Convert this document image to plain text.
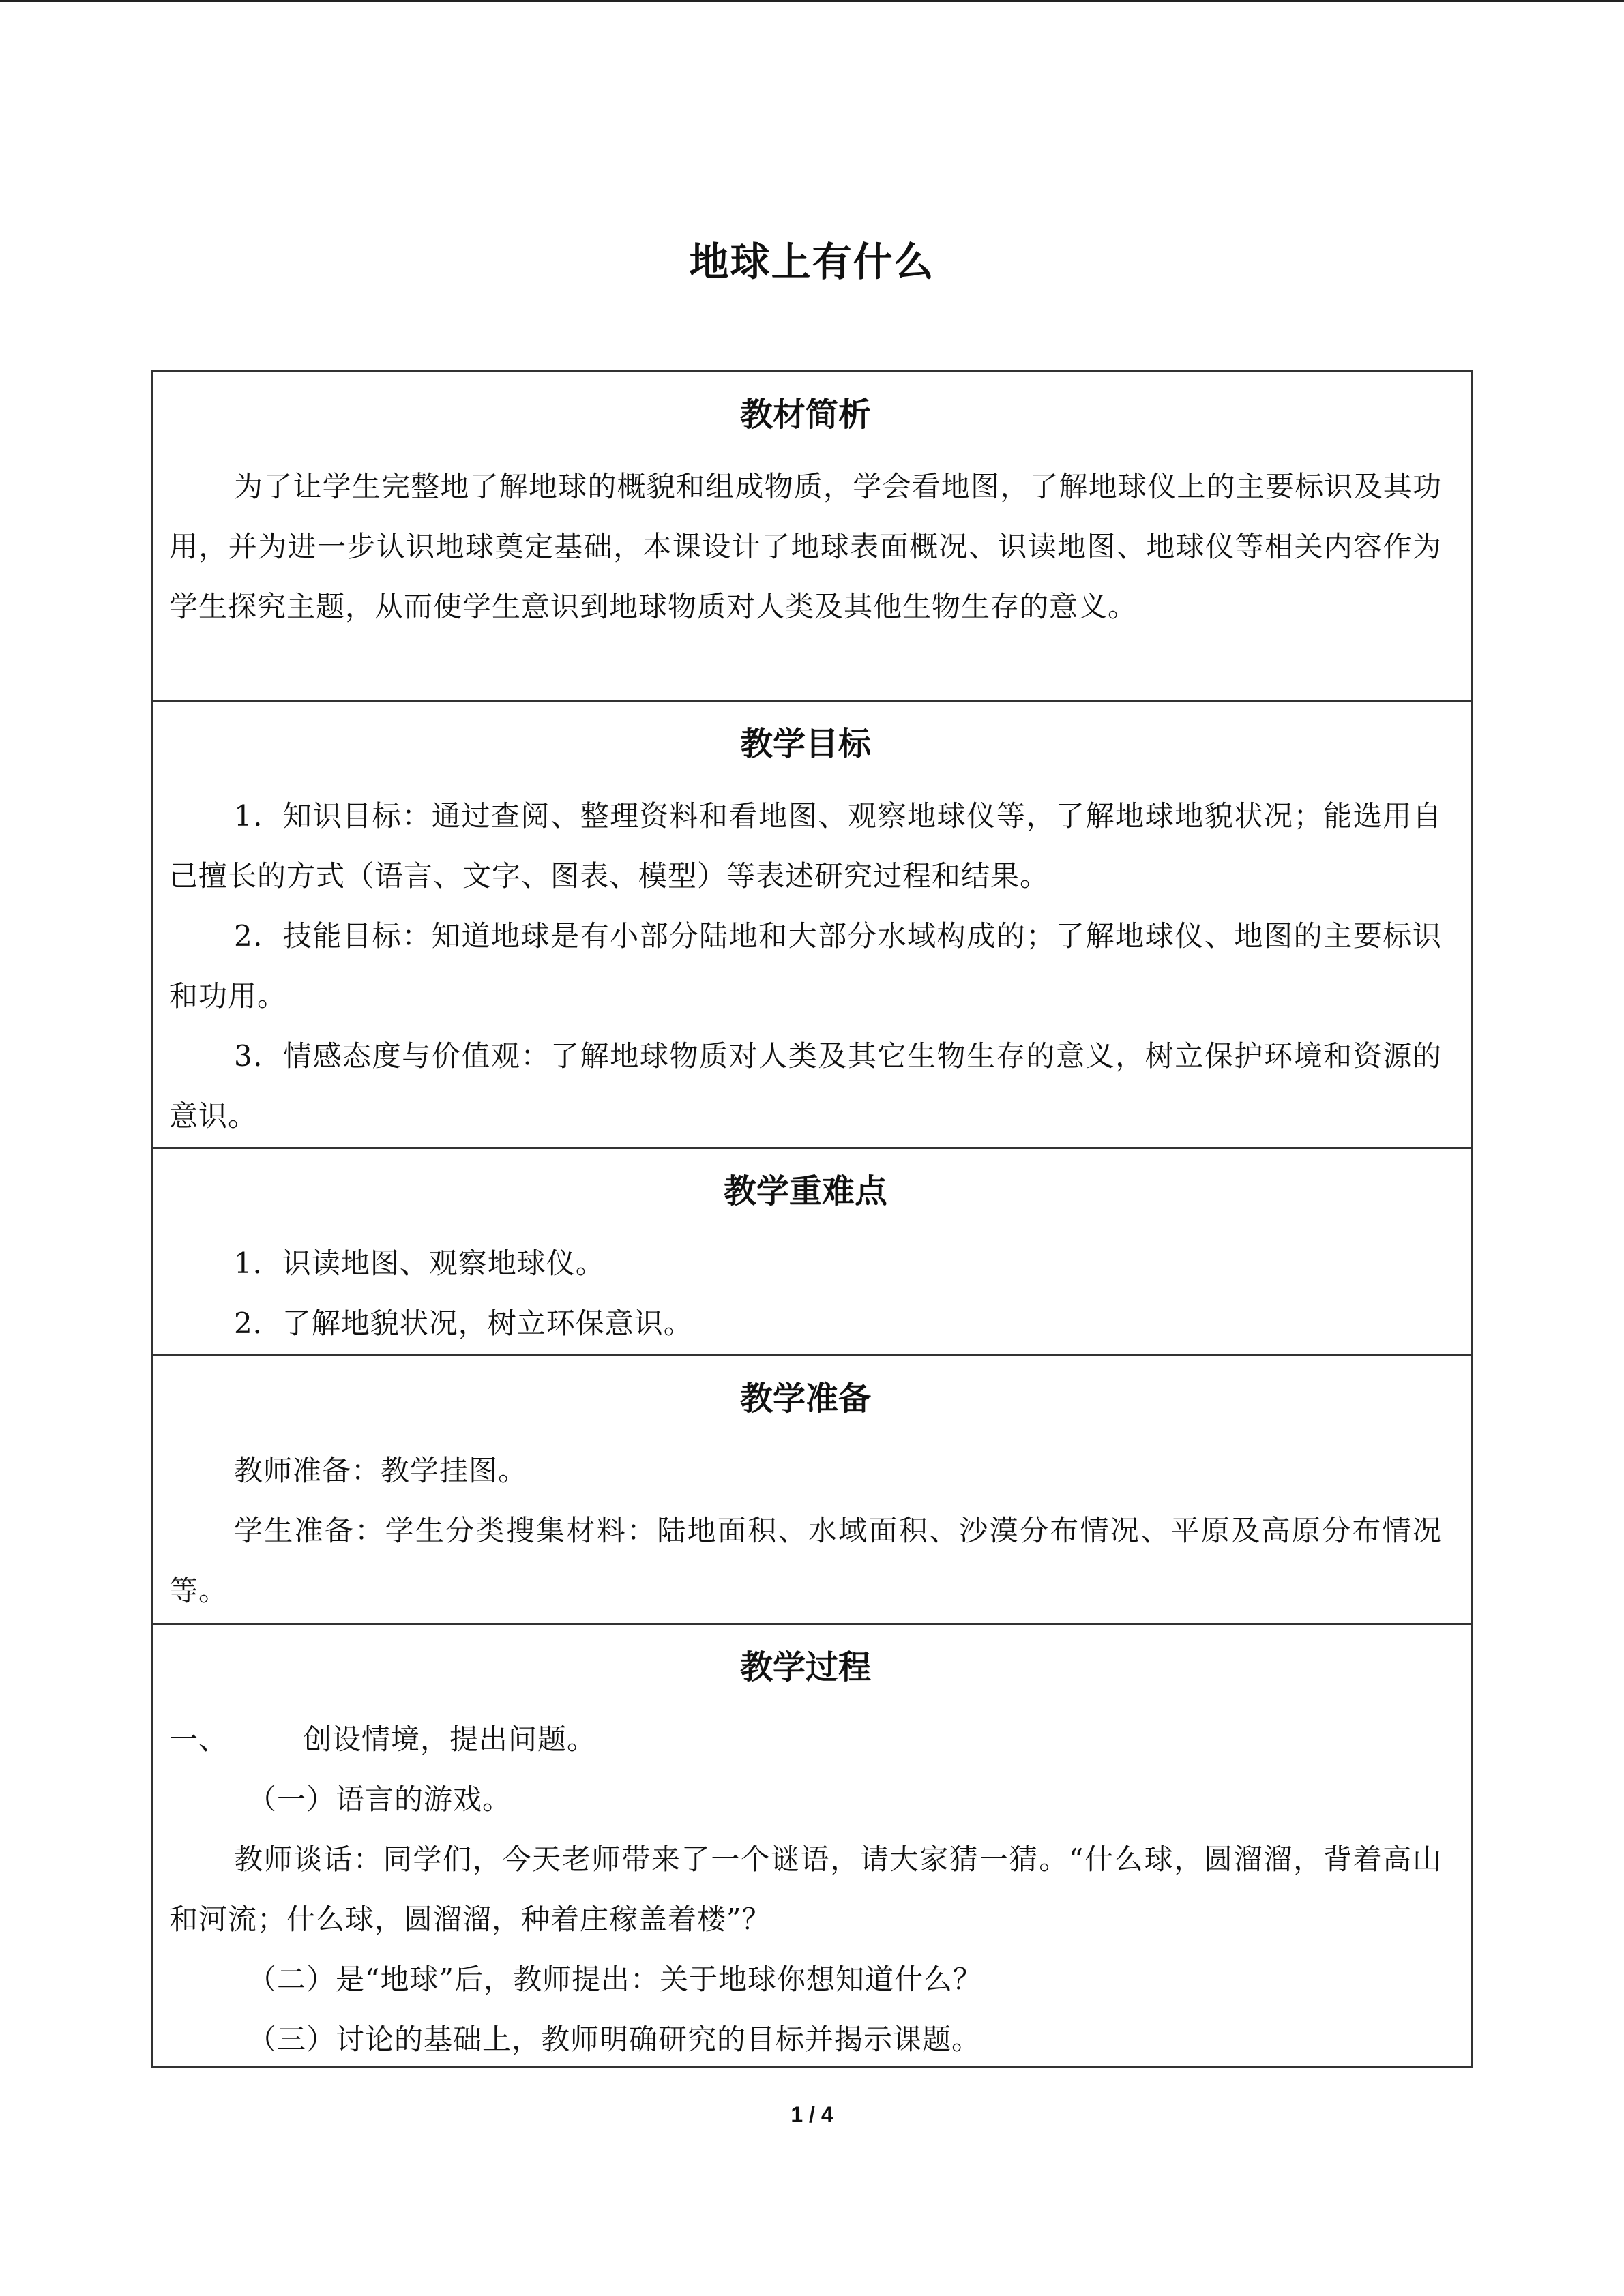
地球上有什么
教材简析

为了让学生完整地了解地球的概貌和组成物质，学会看地图，了解地球仪上的主要标识及其功用，并为进一步认识地球奠定基础，本课设计了地球表面概况、识读地图、地球仪等相关内容作为学生探究主题，从而使学生意识到地球物质对人类及其他生物生存的意义。

教学目标

1．知识目标：通过查阅、整理资料和看地图、观察地球仪等，了解地球地貌状况；能选用自己擅长的方式（语言、文字、图表、模型）等表述研究过程和结果。

2．技能目标：知道地球是有小部分陆地和大部分水域构成的；了解地球仪、地图的主要标识和功用。

3．情感态度与价值观：了解地球物质对人类及其它生物生存的意义，树立保护环境和资源的意识。

教学重难点

1．识读地图、观察地球仪。

2．了解地貌状况，树立环保意识。

教学准备

教师准备：教学挂图。

学生准备：学生分类搜集材料：陆地面积、水域面积、沙漠分布情况、平原及高原分布情况等。

教学过程

一、	创设情境，提出问题。

（一）语言的游戏。

教师谈话：同学们，今天老师带来了一个谜语，请大家猜一猜。“什么球，圆溜溜，背着高山和河流；什么球，圆溜溜，种着庄稼盖着楼”？

（二）是“地球”后，教师提出：关于地球你想知道什么？

（三）讨论的基础上，教师明确研究的目标并揭示课题。

1 / 4
